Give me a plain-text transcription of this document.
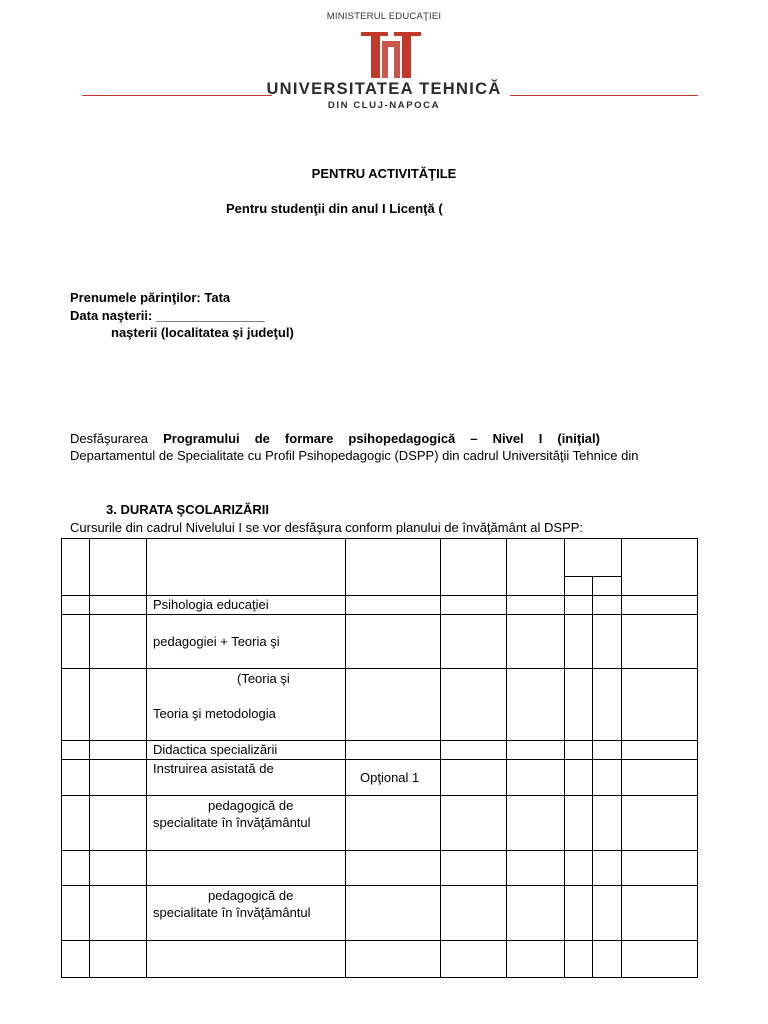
MINISTERUL EDUCAŢIEI
UNIVERSITATEA TEHNICĂ
DIN CLUJ-NAPOCA
PENTRU ACTIVITĂŢILE
Pentru studenţii din anul I Licenţă (
Prenumele părinţilor: Tata
Data naşterii: _______________
naşterii (localitatea şi judeţul)
Desfăşurarea Programului de formare psihopedagogică – Nivel I (iniţial)
Departamentul de Specialitate cu Profil Psihopedagogic (DSPP) din cadrul Universităţii Tehnice din
3. DURATA ŞCOLARIZĂRII
Cursurile din cadrul Nivelului I se vor desfăşura conform planului de învăţământ al DSPP:

		Psihologia educaţiei						
		pedagogiei + Teoria şi						

		(Teoria şi
Teoria şi metodologia						

		Didactica specializării						
		Instruirea asistată de	Opţional 1					

		pedagogică de
specialitate în învăţământul						

		pedagogică de
specialitate în învăţământul						
